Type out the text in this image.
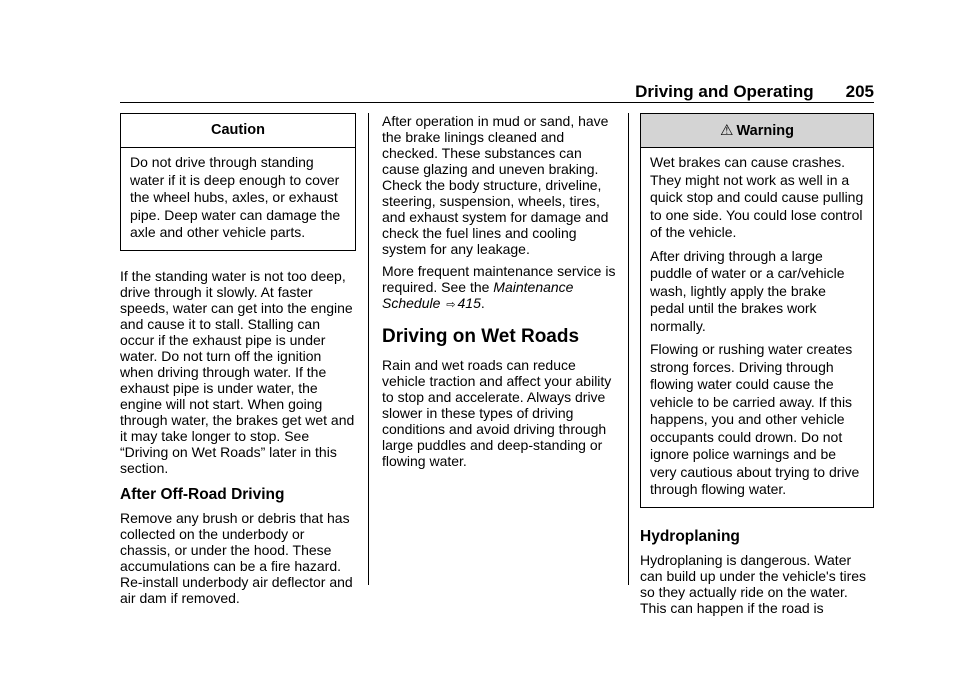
Driving and Operating 205
Caution

Do not drive through standing water if it is deep enough to cover the wheel hubs, axles, or exhaust pipe. Deep water can damage the axle and other vehicle parts.

If the standing water is not too deep, drive through it slowly. At faster speeds, water can get into the engine and cause it to stall. Stalling can occur if the exhaust pipe is under water. Do not turn off the ignition when driving through water. If the exhaust pipe is under water, the engine will not start. When going through water, the brakes get wet and it may take longer to stop. See “Driving on Wet Roads” later in this section.

After Off-Road Driving

Remove any brush or debris that has collected on the underbody or chassis, or under the hood. These accumulations can be a fire hazard. Re-install underbody air deflector and air dam if removed.

After operation in mud or sand, have the brake linings cleaned and checked. These substances can cause glazing and uneven braking. Check the body structure, driveline, steering, suspension, wheels, tires, and exhaust system for damage and check the fuel lines and cooling system for any leakage.

More frequent maintenance service is required. See the Maintenance Schedule ⇨ 415.

Driving on Wet Roads

Rain and wet roads can reduce vehicle traction and affect your ability to stop and accelerate. Always drive slower in these types of driving conditions and avoid driving through large puddles and deep-standing or flowing water.

⚠ Warning

Wet brakes can cause crashes. They might not work as well in a quick stop and could cause pulling to one side. You could lose control of the vehicle.

After driving through a large puddle of water or a car/vehicle wash, lightly apply the brake pedal until the brakes work normally.

Flowing or rushing water creates strong forces. Driving through flowing water could cause the vehicle to be carried away. If this happens, you and other vehicle occupants could drown. Do not ignore police warnings and be very cautious about trying to drive through flowing water.

Hydroplaning

Hydroplaning is dangerous. Water can build up under the vehicle's tires so they actually ride on the water. This can happen if the road is
